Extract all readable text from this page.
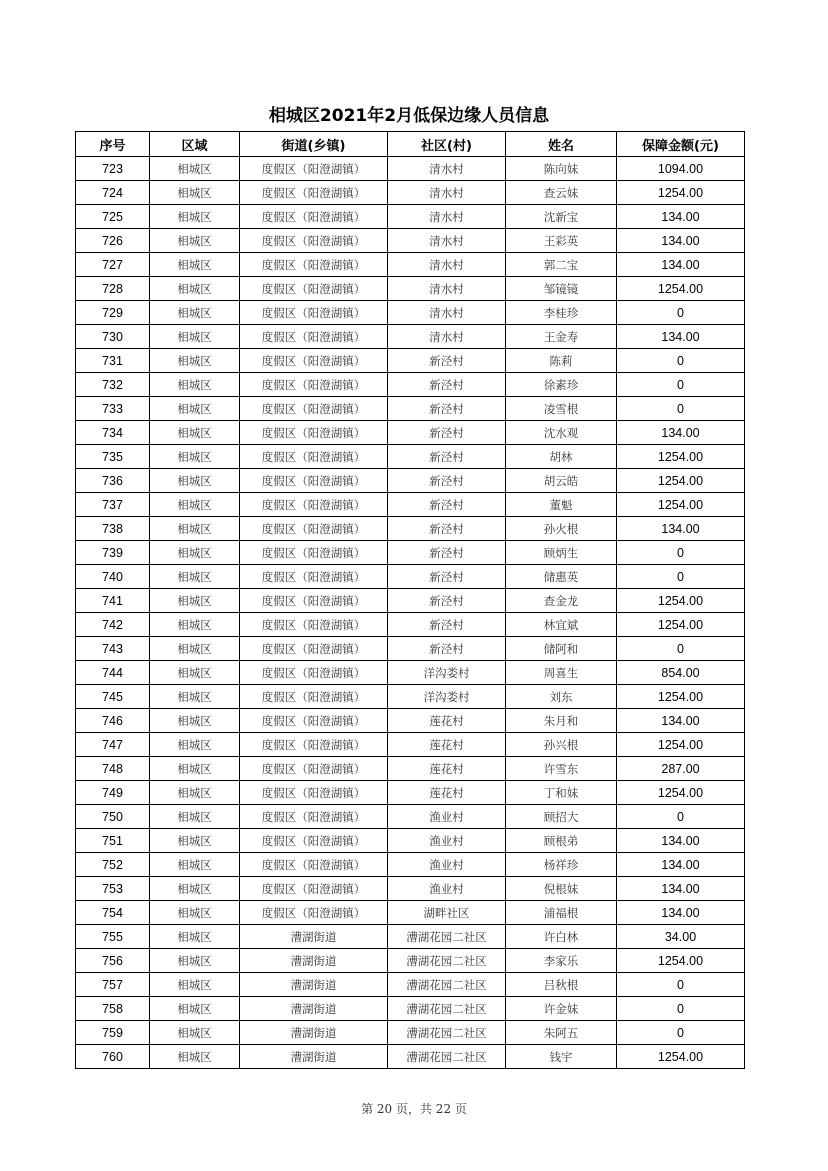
相城区2021年2月低保边缘人员信息
序号	区域	街道(乡镇)	社区(村)	姓名	保障金额(元)
723	相城区	度假区（阳澄湖镇）	清水村	陈向妹	1094.00
724	相城区	度假区（阳澄湖镇）	清水村	查云妹	1254.00
725	相城区	度假区（阳澄湖镇）	清水村	沈新宝	134.00
726	相城区	度假区（阳澄湖镇）	清水村	王彩英	134.00
727	相城区	度假区（阳澄湖镇）	清水村	郭二宝	134.00
728	相城区	度假区（阳澄湖镇）	清水村	邹镜镜	1254.00
729	相城区	度假区（阳澄湖镇）	清水村	李桂珍	0
730	相城区	度假区（阳澄湖镇）	清水村	王金寿	134.00
731	相城区	度假区（阳澄湖镇）	新泾村	陈莉	0
732	相城区	度假区（阳澄湖镇）	新泾村	徐素珍	0
733	相城区	度假区（阳澄湖镇）	新泾村	凌雪根	0
734	相城区	度假区（阳澄湖镇）	新泾村	沈水观	134.00
735	相城区	度假区（阳澄湖镇）	新泾村	胡林	1254.00
736	相城区	度假区（阳澄湖镇）	新泾村	胡云皓	1254.00
737	相城区	度假区（阳澄湖镇）	新泾村	董魁	1254.00
738	相城区	度假区（阳澄湖镇）	新泾村	孙火根	134.00
739	相城区	度假区（阳澄湖镇）	新泾村	顾炳生	0
740	相城区	度假区（阳澄湖镇）	新泾村	储惠英	0
741	相城区	度假区（阳澄湖镇）	新泾村	查金龙	1254.00
742	相城区	度假区（阳澄湖镇）	新泾村	林宜斌	1254.00
743	相城区	度假区（阳澄湖镇）	新泾村	储阿和	0
744	相城区	度假区（阳澄湖镇）	洋沟娄村	周喜生	854.00
745	相城区	度假区（阳澄湖镇）	洋沟娄村	刘东	1254.00
746	相城区	度假区（阳澄湖镇）	莲花村	朱月和	134.00
747	相城区	度假区（阳澄湖镇）	莲花村	孙兴根	1254.00
748	相城区	度假区（阳澄湖镇）	莲花村	许雪东	287.00
749	相城区	度假区（阳澄湖镇）	莲花村	丁和妹	1254.00
750	相城区	度假区（阳澄湖镇）	渔业村	顾招大	0
751	相城区	度假区（阳澄湖镇）	渔业村	顾根弟	134.00
752	相城区	度假区（阳澄湖镇）	渔业村	杨祥珍	134.00
753	相城区	度假区（阳澄湖镇）	渔业村	倪根妹	134.00
754	相城区	度假区（阳澄湖镇）	湖畔社区	浦福根	134.00
755	相城区	漕湖街道	漕湖花园二社区	许白林	34.00
756	相城区	漕湖街道	漕湖花园二社区	李家乐	1254.00
757	相城区	漕湖街道	漕湖花园二社区	吕秋根	0
758	相城区	漕湖街道	漕湖花园二社区	许金妹	0
759	相城区	漕湖街道	漕湖花园二社区	朱阿五	0
760	相城区	漕湖街道	漕湖花园二社区	钱宇	1254.00
第 20 页，共 22 页
